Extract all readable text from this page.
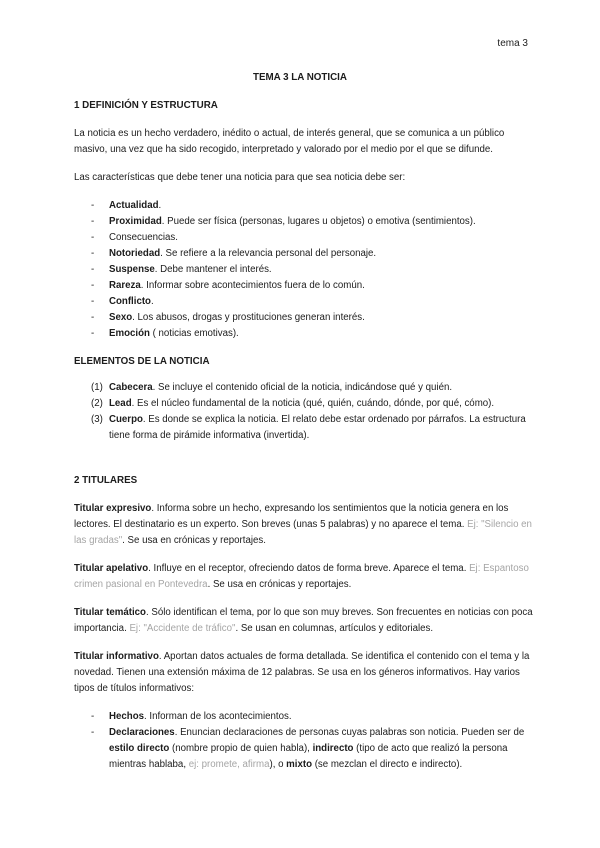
tema 3
TEMA 3 LA NOTICIA
1 DEFINICIÓN Y ESTRUCTURA

La noticia es un hecho verdadero, inédito o actual, de interés general, que se comunica a un público masivo, una vez que ha sido recogido, interpretado y valorado por el medio por el que se difunde.

Las características que debe tener una noticia para que sea noticia debe ser:

- Actualidad.
- Proximidad. Puede ser física (personas, lugares u objetos) o emotiva (sentimientos).
- Consecuencias.
- Notoriedad. Se refiere a la relevancia personal del personaje.
- Suspense. Debe mantener el interés.
- Rareza. Informar sobre acontecimientos fuera de lo común.
- Conflicto.
- Sexo. Los abusos, drogas y prostituciones generan interés.
- Emoción ( noticias emotivas).
ELEMENTOS DE LA NOTICIA
(1) Cabecera. Se incluye el contenido oficial de la noticia, indicándose qué y quién.
(2) Lead. Es el núcleo fundamental de la noticia (qué, quién, cuándo, dónde, por qué, cómo).
(3) Cuerpo. Es donde se explica la noticia. El relato debe estar ordenado por párrafos. La estructura tiene forma de pirámide informativa (invertida).
2 TITULARES

Titular expresivo. Informa sobre un hecho, expresando los sentimientos que la noticia genera en los lectores. El destinatario es un experto. Son breves (unas 5 palabras) y no aparece el tema. Ej: "Silencio en las gradas". Se usa en crónicas y reportajes.

Titular apelativo. Influye en el receptor, ofreciendo datos de forma breve. Aparece el tema. Ej: Espantoso crimen pasional en Pontevedra. Se usa en crónicas y reportajes.

Titular temático. Sólo identifican el tema, por lo que son muy breves. Son frecuentes en noticias con poca importancia. Ej: "Accidente de tráfico". Se usan en columnas, artículos y editoriales.

Titular informativo. Aportan datos actuales de forma detallada. Se identifica el contenido con el tema y la novedad. Tienen una extensión máxima de 12 palabras. Se usa en los géneros informativos. Hay varios tipos de títulos informativos:

- Hechos. Informan de los acontecimientos.
- Declaraciones. Enuncian declaraciones de personas cuyas palabras son noticia. Pueden ser de estilo directo (nombre propio de quien habla), indirecto (tipo de acto que realizó la persona mientras hablaba, ej: promete, afirma), o mixto (se mezclan el directo e indirecto).
